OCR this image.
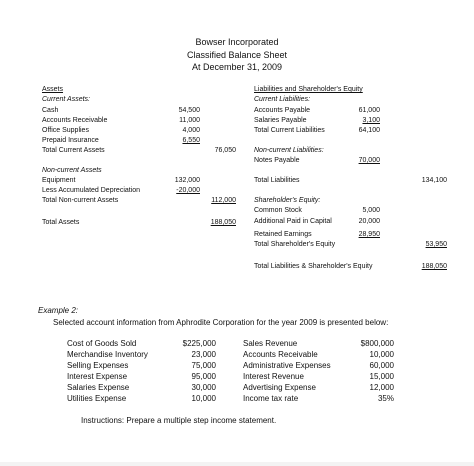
Bowser Incorporated
Classified Balance Sheet
At December 31, 2009
Assets
Current Assets:
Cash	54,500
Accounts Receivable	11,000
Office Supplies	4,000
Prepaid Insurance	6,550
Total Current Assets	76,050
Non-current Assets
Equipment	132,000
Less Accumulated Depreciation	-20,000
Total Non-current Assets	112,000
Total Assets	188,050
Liabilities and Shareholder's Equity
Current Liabilities:
Accounts Payable	61,000
Salaries Payable	3,100
Total Current Liabilities	64,100
Non-current Liabilities:
Notes Payable	70,000
Total Liabilities	134,100
Shareholder's Equity:
Common Stock	5,000
Additional Paid in Capital	20,000
Retained Earnings	28,950
Total Shareholder's Equity	53,950
Total Liabilities & Shareholder's Equity	188,050
Example 2:
Selected account information from Aphrodite Corporation for the year 2009 is presented below:
Cost of Goods Sold	$225,000
Merchandise Inventory	23,000
Selling Expenses	75,000
Interest Expense	95,000
Salaries Expense	30,000
Utilities Expense	10,000
Sales Revenue	$800,000
Accounts Receivable	10,000
Administrative Expenses	60,000
Interest Revenue	15,000
Advertising Expense	12,000
Income tax rate	35%
Instructions: Prepare a multiple step income statement.
